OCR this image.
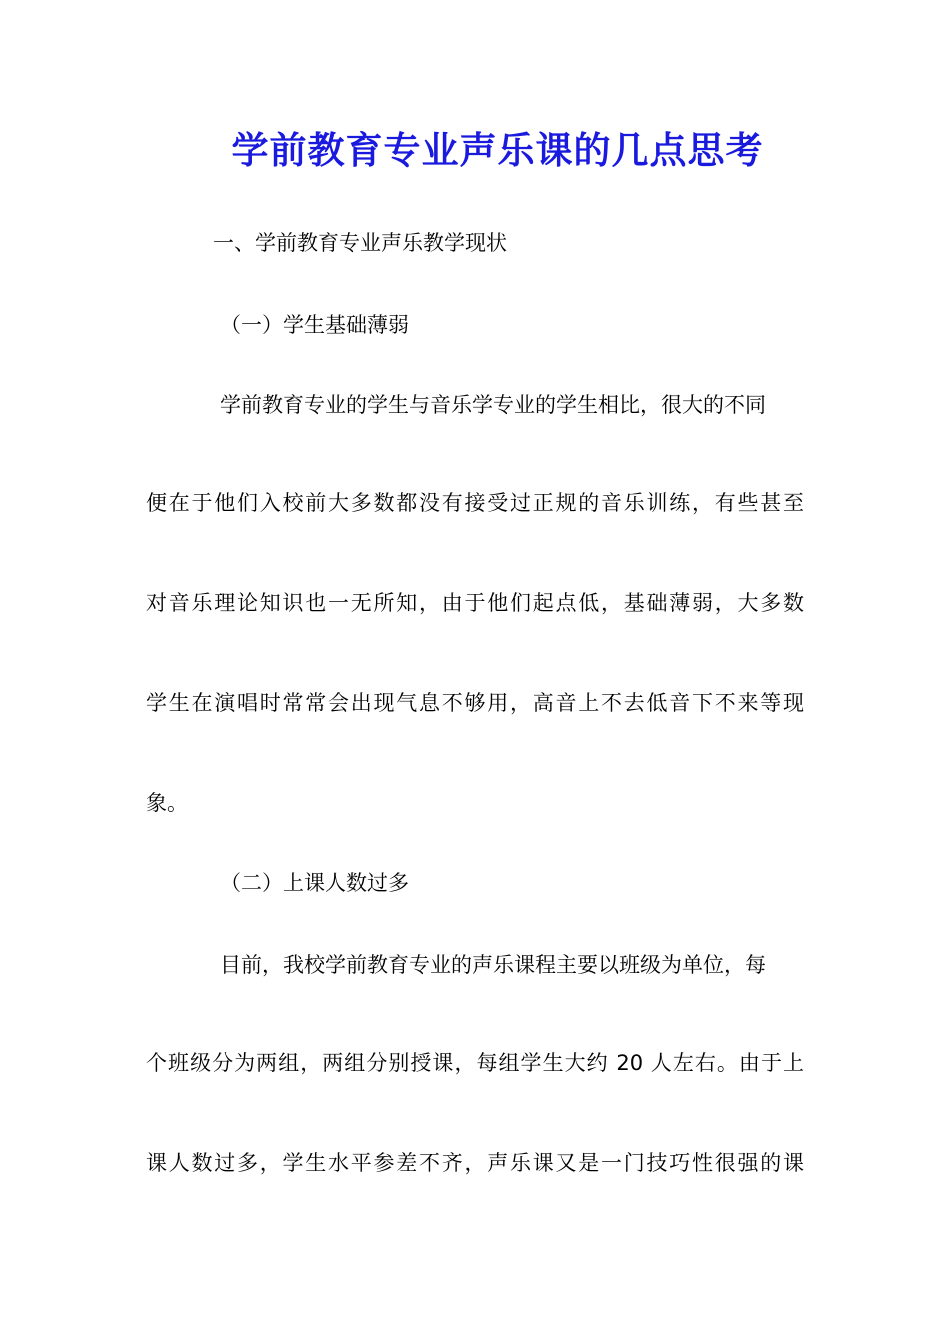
学前教育专业声乐课的几点思考
一、学前教育专业声乐教学现状
（一）学生基础薄弱
学前教育专业的学生与音乐学专业的学生相比，很大的不同
便在于他们入校前大多数都没有接受过正规的音乐训练，有些甚至
对音乐理论知识也一无所知，由于他们起点低，基础薄弱，大多数
学生在演唱时常常会出现气息不够用，高音上不去低音下不来等现
象。
（二）上课人数过多
目前，我校学前教育专业的声乐课程主要以班级为单位，每
个班级分为两组，两组分别授课，每组学生大约 20 人左右。由于上
课人数过多，学生水平参差不齐，声乐课又是一门技巧性很强的课
